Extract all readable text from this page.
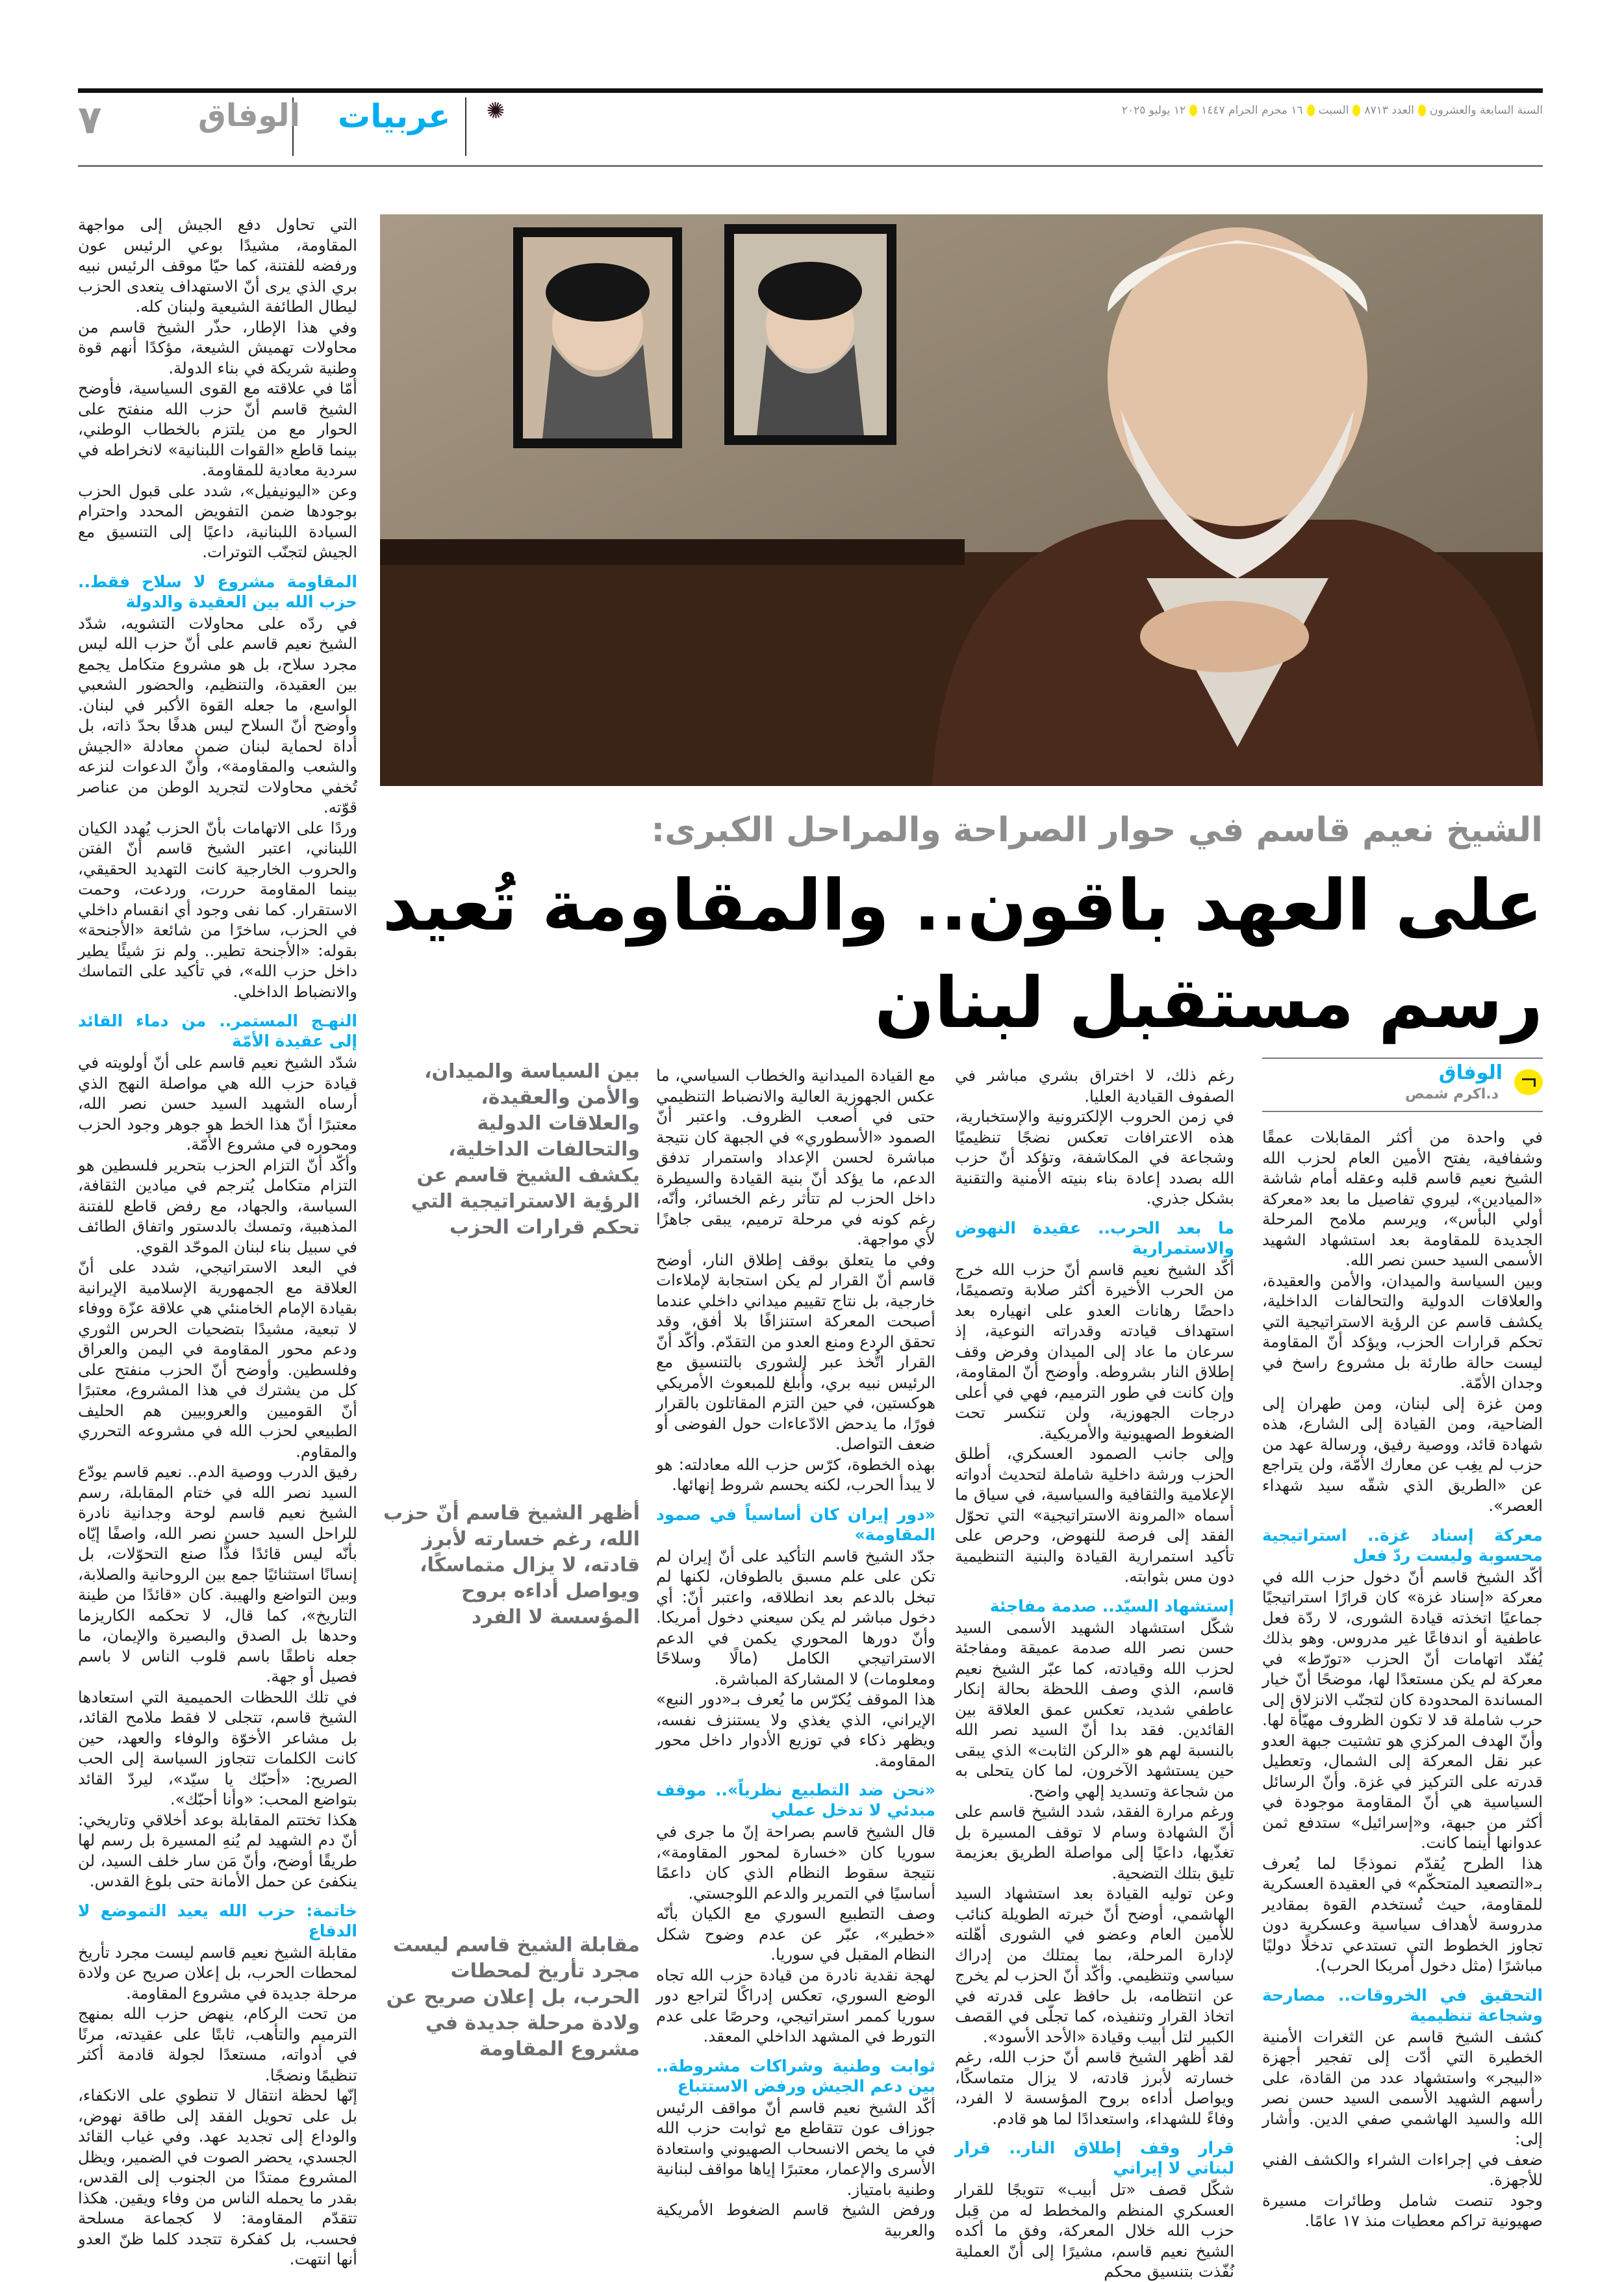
السنة السابعة والعشرون
العدد ٨٧١٣
السبت
١٦ محرم الحرام ١٤٤٧
١٢ يوليو ٢٠٢٥
✺
عربيات
الوفاق
٧
الشيخ نعيم قاسم في حوار الصراحة والمراحل الكبرى:
على العهد باقون.. والمقاومة تُعيد
رسم مستقبل لبنان
الوفاق
د.اكرم شمص

في واحدة من أكثر المقابلات عمقًا وشفافية، يفتح الأمين العام لحزب الله الشيخ نعيم قاسم قلبه وعقله أمام شاشة «الميادين»، ليروي تفاصيل ما بعد «معركة أولي البأس»، ويرسم ملامح المرحلة الجديدة للمقاومة بعد استشهاد الشهيد الأسمى السيد حسن نصر الله.

وبين السياسة والميدان، والأمن والعقيدة، والعلاقات الدولية والتحالفات الداخلية، يكشف قاسم عن الرؤية الاستراتيجية التي تحكم قرارات الحزب، ويؤكد أنّ المقاومة ليست حالة طارئة بل مشروع راسخ في وجدان الأمّة.

ومن غزة إلى لبنان، ومن طهران إلى الضاحية، ومن القيادة إلى الشارع، هذه شهادة قائد، ووصية رفيق، ورسالة عهد من حزب لم يغِب عن معارك الأمّة، ولن يتراجع عن «الطريق الذي شقّه سيد شهداء العصر».

معركة إسناد غزة.. استراتيجية محسوبة وليست ردّ فعل

أكّد الشيخ قاسم أنّ دخول حزب الله في معركة «إسناد غزة» كان قرارًا استراتيجيًا جماعيًا اتخذته قيادة الشورى، لا ردّة فعل عاطفية أو اندفاعًا غير مدروس. وهو بذلك يُفنّد اتهامات أنّ الحزب «تورّط» في معركة لم يكن مستعدًا لها، موضحًا أنّ خيار المساندة المحدودة كان لتجنّب الانزلاق إلى حرب شاملة قد لا تكون الظروف مهيّأة لها. وأنّ الهدف المركزي هو تشتيت جبهة العدو عبر نقل المعركة إلى الشمال، وتعطيل قدرته على التركيز في غزة. وأنّ الرسائل السياسية هي أنّ المقاومة موجودة في أكثر من جبهة، و«إسرائيل» ستدفع ثمن عدوانها أينما كانت.

هذا الطرح يُقدّم نموذجًا لما يُعرف بـ«التصعيد المتحكّم» في العقيدة العسكرية للمقاومة، حيث تُستخدم القوة بمقادير مدروسة لأهداف سياسية وعسكرية دون تجاوز الخطوط التي تستدعي تدخلًا دوليًا مباشرًا (مثل دخول أمريكا الحرب).

التحقيق في الخروقات.. مصارحة وشجاعة تنظيمية

كشف الشيخ قاسم عن الثغرات الأمنية الخطيرة التي أدّت إلى تفجير أجهزة «البيجر» واستشهاد عدد من القادة، على رأسهم الشهيد الأسمى السيد حسن نصر الله والسيد الهاشمي صفي الدين. وأشار إلى:

ضعف في إجراءات الشراء والكشف الفني للأجهزة.

وجود تنصت شامل وطائرات مسيرة صهيونية تراكم معطيات منذ ١٧ عامًا.

رغم ذلك، لا اختراق بشري مباشر في الصفوف القيادية العليا.

في زمن الحروب الإلكترونية والإستخبارية، هذه الاعترافات تعكس نضجًا تنظيميًا وشجاعة في المكاشفة، وتؤكد أنّ حزب الله بصدد إعادة بناء بنيته الأمنية والتقنية بشكل جذري.

ما بعد الحرب.. عقيدة النهوض والاستمرارية

أكّد الشيخ نعيم قاسم أنّ حزب الله خرج من الحرب الأخيرة أكثر صلابة وتصميمًا، داحضًا رهانات العدو على انهياره بعد استهداف قيادته وقدراته النوعية، إذ سرعان ما عاد إلى الميدان وفرض وقف إطلاق النار بشروطه. وأوضح أنّ المقاومة، وإن كانت في طور الترميم، فهي في أعلى درجات الجهوزية، ولن تنكسر تحت الضغوط الصهيونية والأمريكية.

وإلى جانب الصمود العسكري، أطلق الحزب ورشة داخلية شاملة لتحديث أدواته الإعلامية والثقافية والسياسية، في سياق ما أسماه «المرونة الاستراتيجية» التي تحوّل الفقد إلى فرصة للنهوض، وحرص على تأكيد استمرارية القيادة والبنية التنظيمية دون مس بثوابته.

إستشهاد السيّد.. صدمة مفاجئة

شكّل استشهاد الشهيد الأسمى السيد حسن نصر الله صدمة عميقة ومفاجئة لحزب الله وقيادته، كما عبّر الشيخ نعيم قاسم، الذي وصف اللحظة بحالة إنكار عاطفي شديد، تعكس عمق العلاقة بين القائدين. فقد بدا أنّ السيد نصر الله بالنسبة لهم هو «الركن الثابت» الذي يبقى حين يستشهد الآخرون، لما كان يتحلى به من شجاعة وتسديد إلهي واضح.

ورغم مرارة الفقد، شدد الشيخ قاسم على أنّ الشهادة وسام لا توقف المسيرة بل تغذّيها، داعيًا إلى مواصلة الطريق بعزيمة تليق بتلك التضحية.

وعن توليه القيادة بعد استشهاد السيد الهاشمي، أوضح أنّ خبرته الطويلة كنائب للأمين العام وعضو في الشورى أهّلته لإدارة المرحلة، بما يمتلك من إدراك سياسي وتنظيمي. وأكّد أنّ الحزب لم يخرج عن انتظامه، بل حافظ على قدرته في اتخاذ القرار وتنفيذه، كما تجلّى في القصف الكبير لتل أبيب وقيادة «الأحد الأسود».

لقد أظهر الشيخ قاسم أنّ حزب الله، رغم خسارته لأبرز قادته، لا يزال متماسكًا، ويواصل أداءه بروح المؤسسة لا الفرد، وفاءً للشهداء، واستعدادًا لما هو قادم.

قرار وقف إطلاق النار.. قرار لبناني لا إيراني

شكّل قصف «تل أبيب» تتويجًا للقرار العسكري المنظم والمخطط له من قِبل حزب الله خلال المعركة، وفق ما أكده الشيخ نعيم قاسم، مشيرًا إلى أنّ العملية نُفّذت بتنسيق محكم

مع القيادة الميدانية والخطاب السياسي، ما عكس الجهوزية العالية والانضباط التنظيمي حتى في أصعب الظروف. واعتبر أنّ الصمود «الأسطوري» في الجبهة كان نتيجة مباشرة لحسن الإعداد واستمرار تدفق الدعم، ما يؤكد أنّ بنية القيادة والسيطرة داخل الحزب لم تتأثر رغم الخسائر، وأنّه، رغم كونه في مرحلة ترميم، يبقى جاهزًا لأي مواجهة.

وفي ما يتعلق بوقف إطلاق النار، أوضح قاسم أنّ القرار لم يكن استجابة لإملاءات خارجية، بل نتاج تقييم ميداني داخلي عندما أصبحت المعركة استنزافًا بلا أفق، وقد تحقق الردع ومنع العدو من التقدّم. وأكّد أنّ القرار اتُّخذ عبر الشورى بالتنسيق مع الرئيس نبيه بري، وأُبلغ للمبعوث الأمريكي هوكستين، في حين التزم المقاتلون بالقرار فورًا، ما يدحض الادّعاءات حول الفوضى أو ضعف التواصل.

بهذه الخطوة، كرّس حزب الله معادلته: هو لا يبدأ الحرب، لكنه يحسم شروط إنهائها.

«دور إيران كان أساسياً في صمود المقاومة»

جدّد الشيخ قاسم التأكيد على أنّ إيران لم تكن على علم مسبق بالطوفان، لكنها لم تبخل بالدعم بعد انطلاقه، واعتبر أنّ: أي دخول مباشر لم يكن سيعني دخول أمريكا. وأنّ دورها المحوري يكمن في الدعم الاستراتيجي الكامل (مالًا وسلاحًا ومعلومات) لا المشاركة المباشرة.

هذا الموقف يُكرّس ما يُعرف بـ«دور النبع» الإيراني، الذي يغذي ولا يستنزف نفسه، ويظهر ذكاء في توزيع الأدوار داخل محور المقاومة.

«نحن ضد التطبيع نظرياً».. موقف مبدئي لا تدخل عملي

قال الشيخ قاسم بصراحة إنّ ما جرى في سوريا كان «خسارة لمحور المقاومة»، نتيجة سقوط النظام الذي كان داعمًا أساسيًا في التمرير والدعم اللوجستي.

وصف التطبيع السوري مع الكيان بأنّه «خطير»، عبّر عن عدم وضوح شكل النظام المقبل في سوريا.

لهجة نقدية نادرة من قيادة حزب الله تجاه الوضع السوري، تعكس إدراكًا لتراجع دور سوريا كممر استراتيجي، وحرصًا على عدم التورط في المشهد الداخلي المعقد.

ثوابت وطنية وشراكات مشروطة.. بين دعم الجيش ورفض الاستتباع

أكّد الشيخ نعيم قاسم أنّ مواقف الرئيس جوزاف عون تتقاطع مع ثوابت حزب الله في ما يخص الانسحاب الصهيوني واستعادة الأسرى والإعمار، معتبرًا إياها مواقف لبنانية وطنية بامتياز.

ورفض الشيخ قاسم الضغوط الأمريكية والعربية

التي تحاول دفع الجيش إلى مواجهة المقاومة، مشيدًا بوعي الرئيس عون ورفضه للفتنة، كما حيّا موقف الرئيس نبيه بري الذي يرى أنّ الاستهداف يتعدى الحزب ليطال الطائفة الشيعية ولبنان كله.

وفي هذا الإطار، حذّر الشيخ قاسم من محاولات تهميش الشيعة، مؤكدًا أنهم قوة وطنية شريكة في بناء الدولة.

أمّا في علاقته مع القوى السياسية، فأوضح الشيخ قاسم أنّ حزب الله منفتح على الحوار مع من يلتزم بالخطاب الوطني، بينما قاطع «القوات اللبنانية» لانخراطه في سردية معادية للمقاومة.

وعن «اليونيفيل»، شدد على قبول الحزب بوجودها ضمن التفويض المحدد واحترام السيادة اللبنانية، داعيًا إلى التنسيق مع الجيش لتجنّب التوترات.

المقاومة مشروع لا سلاح فقط.. حزب الله بين العقيدة والدولة

في ردّه على محاولات التشويه، شدّد الشيخ نعيم قاسم على أنّ حزب الله ليس مجرد سلاح، بل هو مشروع متكامل يجمع بين العقيدة، والتنظيم، والحضور الشعبي الواسع، ما جعله القوة الأكبر في لبنان. وأوضح أنّ السلاح ليس هدفًا بحدّ ذاته، بل أداة لحماية لبنان ضمن معادلة «الجيش والشعب والمقاومة»، وأنّ الدعوات لنزعه تُخفي محاولات لتجريد الوطن من عناصر قوّته.

وردًا على الاتهامات بأنّ الحزب يُهدد الكيان اللبناني، اعتبر الشيخ قاسم أنّ الفتن والحروب الخارجية كانت التهديد الحقيقي، بينما المقاومة حررت، وردعت، وحمت الاستقرار. كما نفى وجود أي انقسام داخلي في الحزب، ساخرًا من شائعة «الأجنحة» بقوله: «الأجنحة تطير.. ولم نرَ شيئًا يطير داخل حزب الله»، في تأكيد على التماسك والانضباط الداخلي.

النهـج المستمر.. من دماء القائد إلى عقيدة الأمّة

شدّد الشيخ نعيم قاسم على أنّ أولويته في قيادة حزب الله هي مواصلة النهج الذي أرساه الشهيد السيد حسن نصر الله، معتبرًا أنّ هذا الخط هو جوهر وجود الحزب ومحوره في مشروع الأمّة.

وأكّد أنّ التزام الحزب بتحرير فلسطين هو التزام متكامل يُترجم في ميادين الثقافة، السياسة، والجهاد، مع رفض قاطع للفتنة المذهبية، وتمسك بالدستور واتفاق الطائف في سبيل بناء لبنان الموحّد القوي.

في البعد الاستراتيجي، شدد على أنّ العلاقة مع الجمهورية الإسلامية الإيرانية بقيادة الإمام الخامنئي هي علاقة عزّة ووفاء لا تبعية، مشيدًا بتضحيات الحرس الثوري ودعم محور المقاومة في اليمن والعراق وفلسطين. وأوضح أنّ الحزب منفتح على كل من يشترك في هذا المشروع، معتبرًا أنّ القوميين والعروبيين هم الحليف الطبيعي لحزب الله في مشروعه التحرري والمقاوم.

رفيق الدرب ووصية الدم.. نعيم قاسم يودّع السيد نصر الله في ختام المقابلة، رسم الشيخ نعيم قاسم لوحة وجدانية نادرة للراحل السيد حسن نصر الله، واصفًا إيّاه بأنّه ليس قائدًا فذًّا صنع التحوّلات، بل إنسانًا استثنائيًا جمع بين الروحانية والصلابة، وبين التواضع والهيبة. كان «قائدًا من طينة التاريخ»، كما قال، لا تحكمه الكاريزما وحدها بل الصدق والبصيرة والإيمان، ما جعله ناطقًا باسم قلوب الناس لا باسم فصيل أو جهة.

في تلك اللحظات الحميمية التي استعادها الشيخ قاسم، تتجلى لا فقط ملامح القائد، بل مشاعر الأخوّة والوفاء والعهد، حين كانت الكلمات تتجاوز السياسة إلى الحب الصريح: «أحبّك يا سيّد»، ليردّ القائد بتواضع المحب: «وأنا أحبّك».

هكذا تختتم المقابلة بوعد أخلاقي وتاريخي: أنّ دم الشهيد لم يُنهِ المسيرة بل رسم لها طريقًا أوضح، وأنّ مَن سار خلف السيد، لن ينكفئ عن حمل الأمانة حتى بلوغ القدس.

خاتمة: حزب الله يعيد التموضع لا الدفاع

مقابلة الشيخ نعيم قاسم ليست مجرد تأريخ لمحطات الحرب، بل إعلان صريح عن ولادة مرحلة جديدة في مشروع المقاومة.

من تحت الركام، ينهض حزب الله بمنهج الترميم والتأهب، ثابتًا على عقيدته، مرنًا في أدواته، مستعدًا لجولة قادمة أكثر تنظيمًا ونضجًا.

إنّها لحظة انتقال لا تنطوي على الانكفاء، بل على تحويل الفقد إلى طاقة نهوض، والوداع إلى تجديد عهد. وفي غياب القائد الجسدي، يحضر الصوت في الضمير، ويظل المشروع ممتدًا من الجنوب إلى القدس، بقدر ما يحمله الناس من وفاء ويقين. هكذا تتقدّم المقاومة: لا كجماعة مسلحة فحسب، بل كفكرة تتجدد كلما ظنّ العدو أنها انتهت.

بين السياسة والميدان، والأمن والعقيدة، والعلاقات الدولية والتحالفات الداخلية، يكشف الشيخ قاسم عن الرؤية الاستراتيجية التي تحكم قرارات الحزب
أظهر الشيخ قاسم أنّ حزب الله، رغم خسارته لأبرز قادته، لا يزال متماسكًا، ويواصل أداءه بروح المؤسسة لا الفرد
مقابلة الشيخ قاسم ليست مجرد تأريخ لمحطات الحرب، بل إعلان صريح عن ولادة مرحلة جديدة في مشروع المقاومة
